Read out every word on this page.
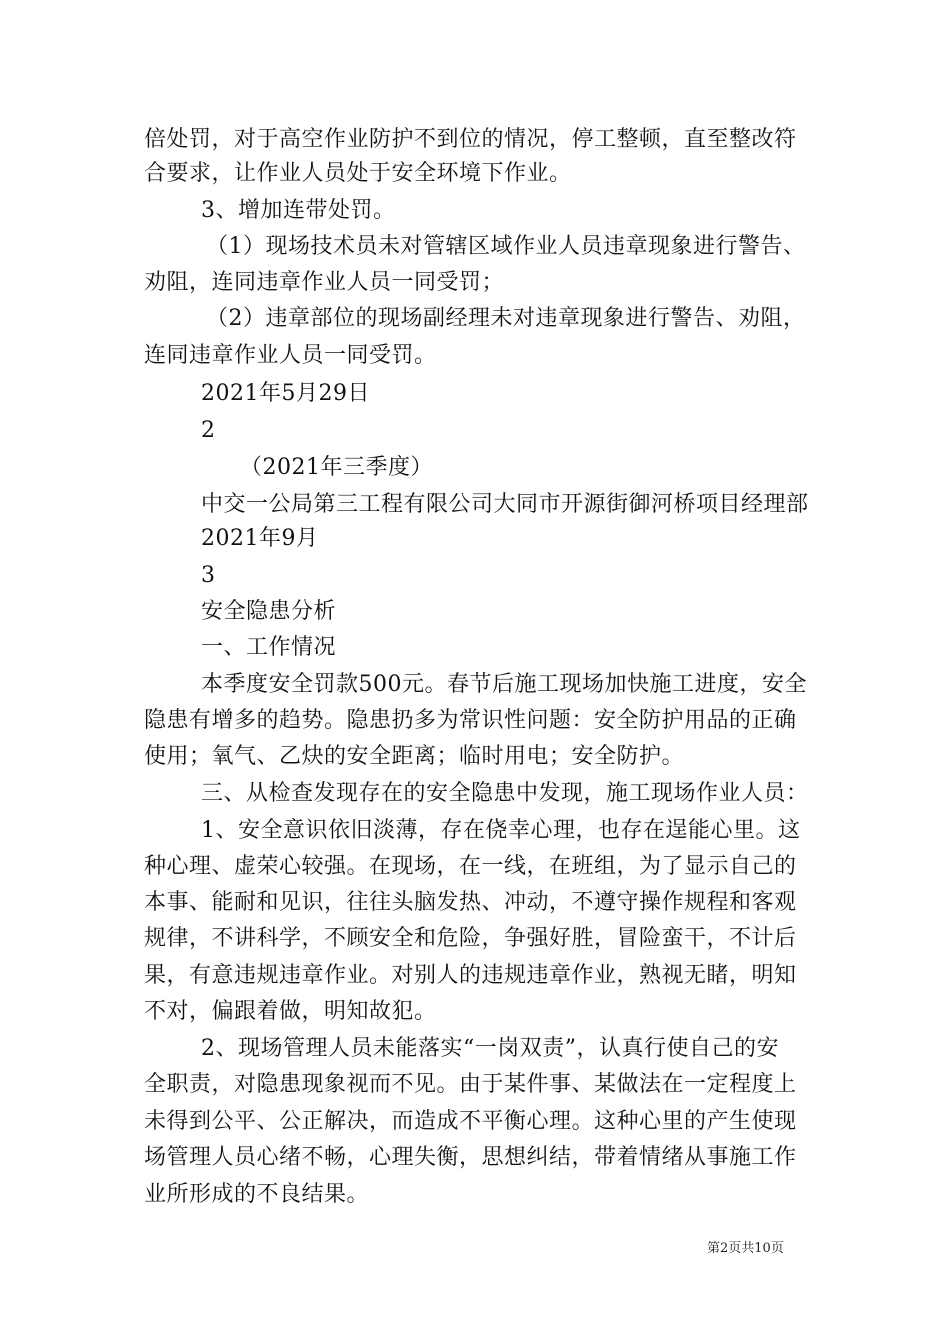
倍处罚，对于高空作业防护不到位的情况，停工整顿，直至整改符
合要求，让作业人员处于安全环境下作业。
3、增加连带处罚。
（1）现场技术员未对管辖区域作业人员违章现象进行警告、
劝阻，连同违章作业人员一同受罚；
（2）违章部位的现场副经理未对违章现象进行警告、劝阻，
连同违章作业人员一同受罚。
2021年5月29日
2
（2021年三季度）
中交一公局第三工程有限公司大同市开源街御河桥项目经理部
2021年9月
3
安全隐患分析
一、工作情况
本季度安全罚款500元。春节后施工现场加快施工进度，安全
隐患有增多的趋势。隐患扔多为常识性问题：安全防护用品的正确
使用；氧气、乙炔的安全距离；临时用电；安全防护。
三、从检查发现存在的安全隐患中发现，施工现场作业人员：
1、安全意识依旧淡薄，存在侥幸心理，也存在逞能心里。这
种心理、虚荣心较强。在现场，在一线，在班组，为了显示自己的
本事、能耐和见识，往往头脑发热、冲动，不遵守操作规程和客观
规律，不讲科学，不顾安全和危险，争强好胜，冒险蛮干，不计后
果，有意违规违章作业。对别人的违规违章作业，熟视无睹，明知
不对，偏跟着做，明知故犯。
2、现场管理人员未能落实“一岗双责”，认真行使自己的安
全职责，对隐患现象视而不见。由于某件事、某做法在一定程度上
未得到公平、公正解决，而造成不平衡心理。这种心里的产生使现
场管理人员心绪不畅，心理失衡，思想纠结，带着情绪从事施工作
业所形成的不良结果。
第2页共10页
